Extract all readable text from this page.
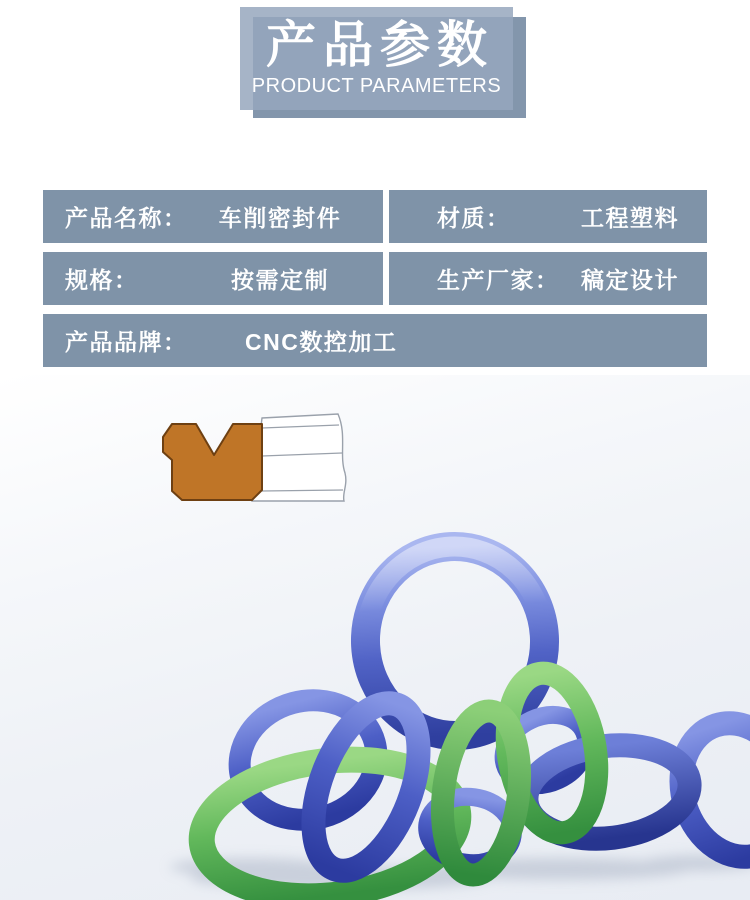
产品参数
PRODUCT PARAMETERS
产品名称：	车削密封件	材质：	工程塑料
规格：	按需定制	生产厂家： 稿定设计
产品品牌：	CNC数控加工
